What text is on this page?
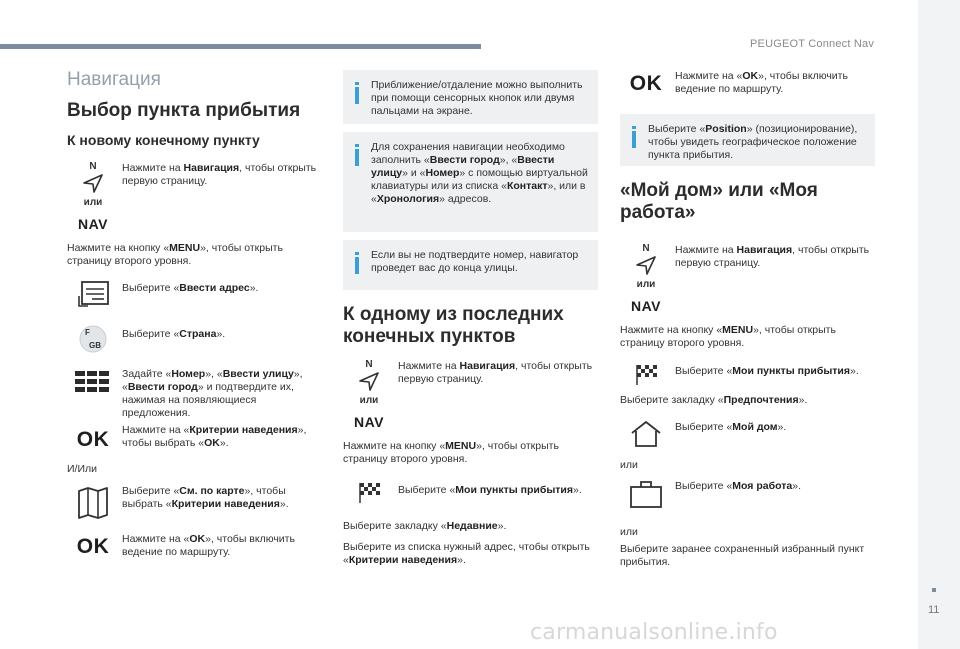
PEUGEOT Connect Nav
11
Навигация
Выбор пункта прибытия
К новому конечному пункту
N
или
NAV
Нажмите на Навигация, чтобы открыть первую страницу.
Нажмите на кнопку «MENU», чтобы открыть страницу второго уровня.
Выберите «Ввести адрес».
F
GB
Выберите «Страна».
Задайте «Номер», «Ввести улицу», «Ввести город» и подтвердите их, нажимая на появляющиеся предложения.
OK Нажмите на «Критерии наведения», чтобы выбрать «OK».
И/Или
Выберите «См. по карте», чтобы выбрать «Критерии наведения».
OK Нажмите на «OK», чтобы включить ведение по маршруту.
Приближение/отдаление можно выполнить при помощи сенсорных кнопок или двумя пальцами на экране.
Для сохранения навигации необходимо заполнить «Ввести город», «Ввести улицу» и «Номер» с помощью виртуальной клавиатуры или из списка «Контакт», или в «Хронология» адресов.
Если вы не подтвердите номер, навигатор проведет вас до конца улицы.
К одному из последних конечных пунктов
N
или
NAV
Нажмите на Навигация, чтобы открыть первую страницу.
Нажмите на кнопку «MENU», чтобы открыть страницу второго уровня.
Выберите «Мои пункты прибытия».
Выберите закладку «Недавние».
Выберите из списка нужный адрес, чтобы открыть «Критерии наведения».
OK Нажмите на «OK», чтобы включить ведение по маршруту.
Выберите «Position» (позиционирование), чтобы увидеть географическое положение пункта прибытия.
«Мой дом» или «Моя работа»
N
или
NAV
Нажмите на Навигация, чтобы открыть первую страницу.
Нажмите на кнопку «MENU», чтобы открыть страницу второго уровня.
Выберите «Мои пункты прибытия».
Выберите закладку «Предпочтения».
Выберите «Мой дом».
или
Выберите «Моя работа».
или
Выберите заранее сохраненный избранный пункт прибытия.
carmanualsonline.info
